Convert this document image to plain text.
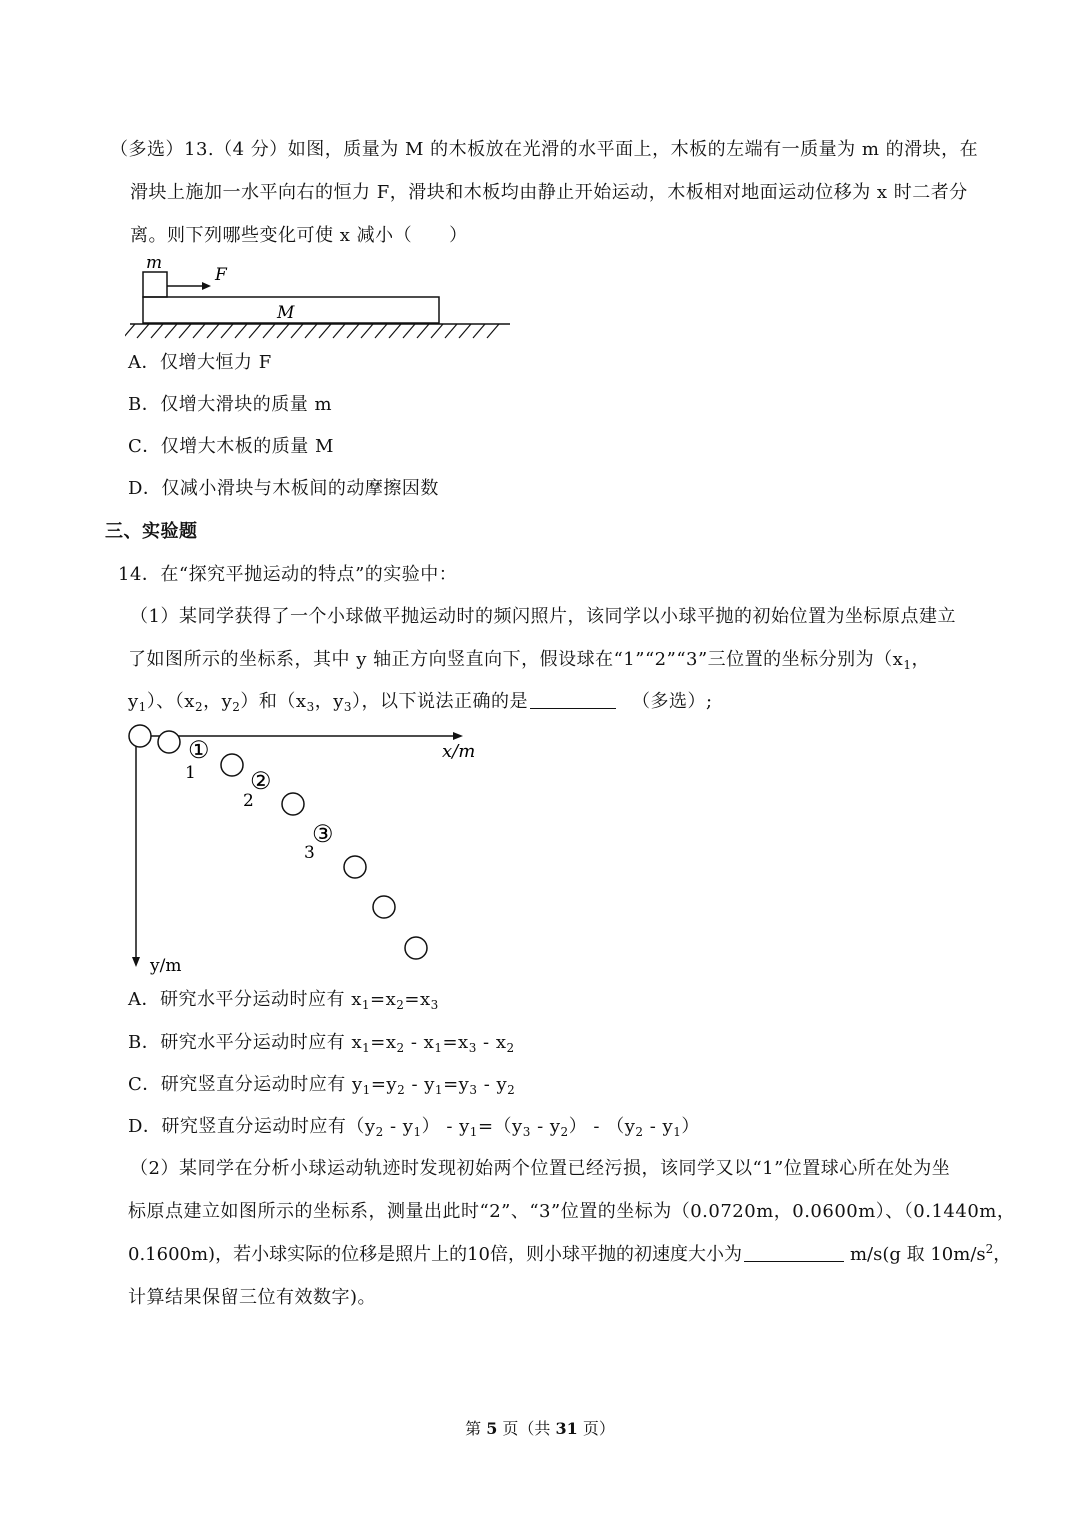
（多选）13.（4 分）如图，质量为 M 的木板放在光滑的水平面上，木板的左端有一质量为 m 的滑块，在
滑块上施加一水平向右的恒力 F，滑块和木板均由静止开始运动，木板相对地面运动位移为 x 时二者分
离。则下列哪些变化可使 x 减小（　　）
m
F
M
A．仅增大恒力 F
B．仅增大滑块的质量 m
C．仅增大木板的质量 M
D．仅减小滑块与木板间的动摩擦因数
三、实验题
14．在“探究平抛运动的特点”的实验中：
（1）某同学获得了一个小球做平抛运动时的频闪照片，该同学以小球平抛的初始位置为坐标原点建立
了如图所示的坐标系，其中 y 轴正方向竖直向下，假设球在“1”“2”“3”三位置的坐标分别为（$x_1$，
$y_1$）、（$x_2$，$y_2$）和（$x_3$，$y_3$），以下说法正确的是	（多选）;
x/m
y/m
①
②
③
1
2
3
A．研究水平分运动时应有 $x_1=x_2=x_3$
B．研究水平分运动时应有 $x_1=x_2 - x_1=x_3 - x_2$
C．研究竖直分运动时应有 $y_1=y_2 - y_1=y_3 - y_2$
D．研究竖直分运动时应有$(y_2 - y_1) - y_1=(y_3 - y_2) - (y_2 - y_1)$
（2）某同学在分析小球运动轨迹时发现初始两个位置已经污损，该同学又以“1”位置球心所在处为坐
标原点建立如图所示的坐标系，测量出此时“2”、“3”位置的坐标为（0.0720m，0.0600m）、（0.1440m，
0.1600m)，若小球实际的位移是照片上的10倍，则小球平抛的初速度大小为	m/s(g 取 $10m/s^2$，
计算结果保留三位有效数字)。
第 5 页（共 31 页）
